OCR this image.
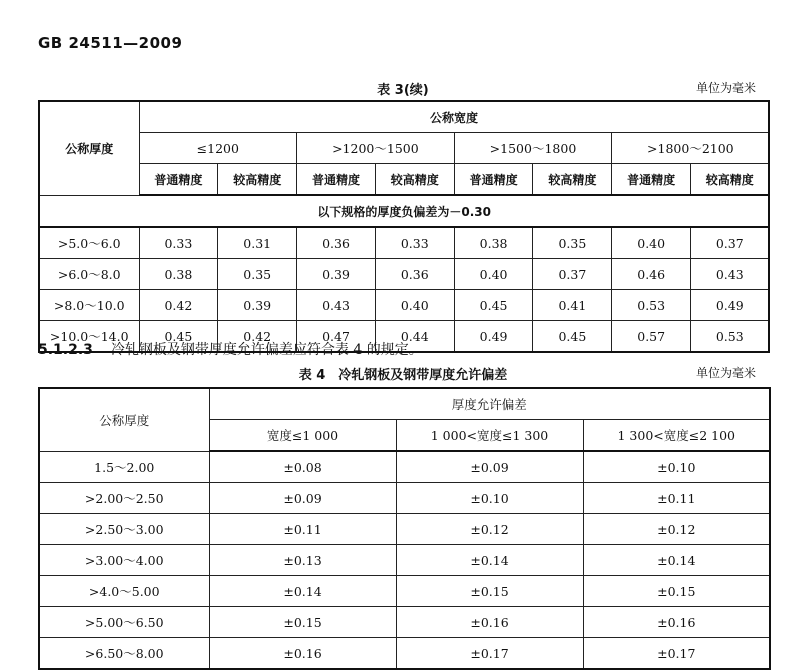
GB 24511—2009
表 3(续)	单位为毫米
公称厚度	公称宽度							
	≤1200		>1200～1500		>1500～1800		>1800～2100	
	普通精度	较高精度	普通精度	较高精度	普通精度	较高精度	普通精度	较高精度
以下规格的厚度负偏差为－0.30								
>5.0～6.0	0.33	0.31	0.36	0.33	0.38	0.35	0.40	0.37
>6.0～8.0	0.38	0.35	0.39	0.36	0.40	0.37	0.46	0.43
>8.0～10.0	0.42	0.39	0.43	0.40	0.45	0.41	0.53	0.49
>10.0～14.0	0.45	0.42	0.47	0.44	0.49	0.45	0.57	0.53
5.1.2.3 冷轧钢板及钢带厚度允许偏差应符合表 4 的规定。
表 4　冷轧钢板及钢带厚度允许偏差	单位为毫米
公称厚度	厚度允许偏差		
	宽度≤1 000	1 000<宽度≤1 300	1 300<宽度≤2 100
1.5～2.00	±0.08	±0.09	±0.10
>2.00～2.50	±0.09	±0.10	±0.11
>2.50～3.00	±0.11	±0.12	±0.12
>3.00～4.00	±0.13	±0.14	±0.14
>4.0～5.00	±0.14	±0.15	±0.15
>5.00～6.50	±0.15	±0.16	±0.16
>6.50～8.00	±0.16	±0.17	±0.17
